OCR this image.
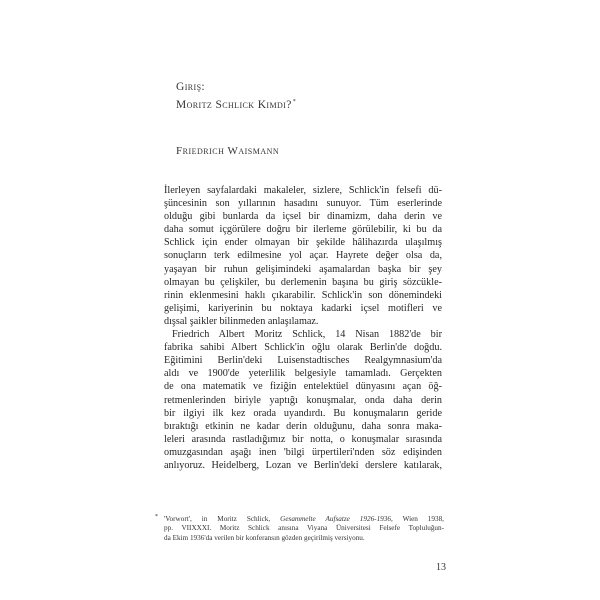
Giriş:
Moritz Schlick Kimdi?*
Friedrich Waismann
İlerleyen sayfalardaki makaleler, sizlere, Schlick'in felsefi dü-
şüncesinin son yıllarının hasadını sunuyor. Tüm eserlerinde
olduğu gibi bunlarda da içsel bir dinamizm, daha derin ve
daha somut içgörülere doğru bir ilerleme görülebilir, ki bu da
Schlick için ender olmayan bir şekilde hâlihazırda ulaşılmış
sonuçların terk edilmesine yol açar. Hayrete değer olsa da,
yaşayan bir ruhun gelişimindeki aşamalardan başka bir şey
olmayan bu çelişkiler, bu derlemenin başına bu giriş sözcükle-
rinin eklenmesini haklı çıkarabilir. Schlick'in son dönemindeki
gelişimi, kariyerinin bu noktaya kadarki içsel motifleri ve
dışsal şaikler bilinmeden anlaşılamaz.
Friedrich Albert Moritz Schlick, 14 Nisan 1882'de bir
fabrika sahibi Albert Schlick'in oğlu olarak Berlin'de doğdu.
Eğitimini Berlin'deki Luisenstadtisches Realgymnasium'da
aldı ve 1900'de yeterlilik belgesiyle tamamladı. Gerçekten
de ona matematik ve fiziğin entelektüel dünyasını açan öğ-
retmenlerinden biriyle yaptığı konuşmalar, onda daha derin
bir ilgiyi ilk kez orada uyandırdı. Bu konuşmaların geride
bıraktığı etkinin ne kadar derin olduğunu, daha sonra maka-
leleri arasında rastladığımız bir notta, o konuşmalar sırasında
omuzgasından aşağı inen 'bilgi ürpertileri'nden söz edişinden
anlıyoruz. Heidelberg, Lozan ve Berlin'deki derslere katılarak,
* 'Vorwort', in Moritz Schlick, Gesammelte Aufsatze 1926-1936, Wien 1938,
pp. VIIXXXI. Moritz Schlick anısına Viyana Üniversitesi Felsefe Topluluğun-
da Ekim 1936'da verilen bir konferansın gözden geçirilmiş versiyonu.
13
